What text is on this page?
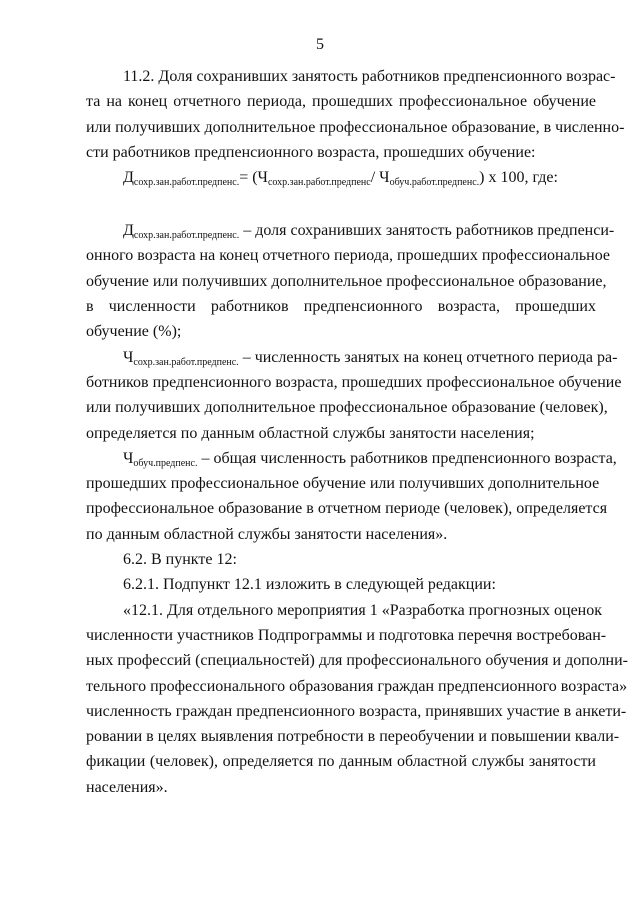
5
11.2. Доля сохранивших занятость работников предпенсионного возрас-
та на конец отчетного периода, прошедших профессиональное обучение
или получивших дополнительное профессиональное образование, в численно-
сти работников предпенсионного возраста, прошедших обучение:
$Д_{сохр.зан.работ.предпенс.}= (Ч_{сохр.зан.работ.предпенс}/$ $Ч_{обуч.работ.предпенс.}$) х 100, где:
$Д_{сохр.зан.работ.предпенс.}$ – доля сохранивших занятость работников предпенси-
онного возраста на конец отчетного периода, прошедших профессиональное
обучение или получивших дополнительное профессиональное образование,
в численности работников предпенсионного возраста, прошедших
обучение (%);
$Ч_{сохр.зан.работ.предпенс.}$ – численность занятых на конец отчетного периода ра-
ботников предпенсионного возраста, прошедших профессиональное обучение
или получивших дополнительное профессиональное образование (человек),
определяется по данным областной службы занятости населения;
$Ч_{обуч.предпенс.}$ – общая численность работников предпенсионного возраста,
прошедших профессиональное обучение или получивших дополнительное
профессиональное образование в отчетном периоде (человек), определяется
по данным областной службы занятости населения».
6.2. В пункте 12:
6.2.1. Подпункт 12.1 изложить в следующей редакции:
«12.1. Для отдельного мероприятия 1 «Разработка прогнозных оценок
численности участников Подпрограммы и подготовка перечня востребован-
ных профессий (специальностей) для профессионального обучения и дополни-
тельного профессионального образования граждан предпенсионного возраста»
численность граждан предпенсионного возраста, принявших участие в анкети-
ровании в целях выявления потребности в переобучении и повышении квали-
фикации (человек), определяется по данным областной службы занятости
населения».
